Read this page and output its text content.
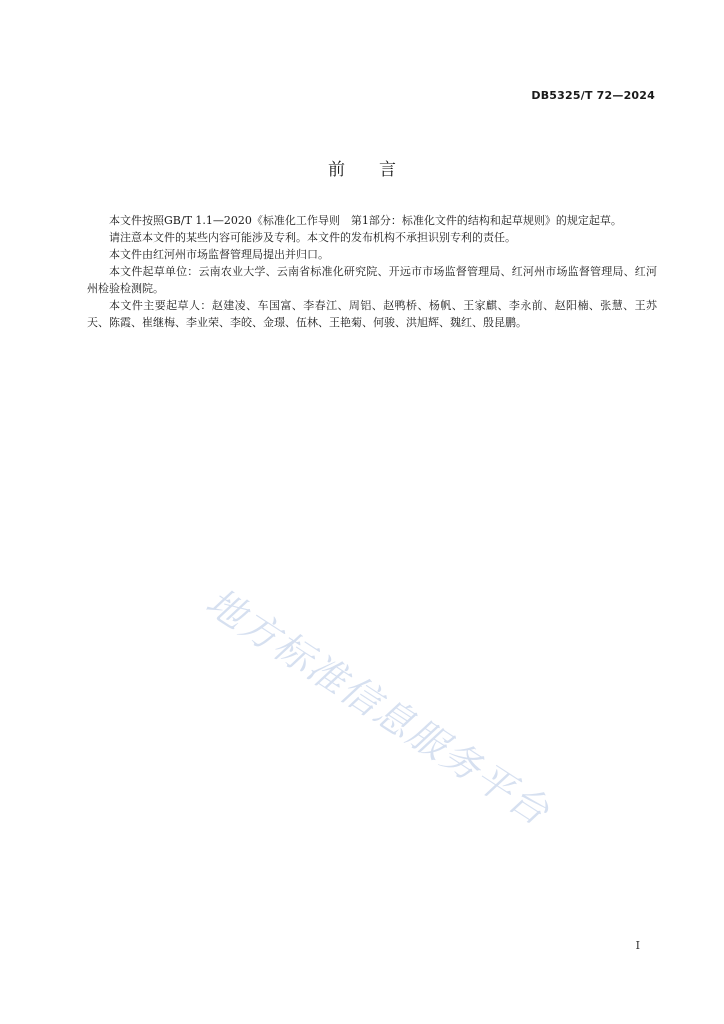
DB5325/T 72—2024
前言

本文件按照GB/T 1.1—2020《标准化工作导则　第1部分：标准化文件的结构和起草规则》的规定起草。

请注意本文件的某些内容可能涉及专利。本文件的发布机构不承担识别专利的责任。

本文件由红河州市场监督管理局提出并归口。

本文件起草单位：云南农业大学、云南省标准化研究院、开远市市场监督管理局、红河州市场监督管理局、红河州检验检测院。

本文件主要起草人：赵建凌、车国富、李春江、周铝、赵鸭桥、杨帆、王家麒、李永前、赵阳楠、张慧、王苏天、陈霞、崔继梅、李业荣、李皎、金璟、伍林、王艳菊、何骏、洪旭辉、魏红、殷昆鹏。

地方标准信息服务平台
I
